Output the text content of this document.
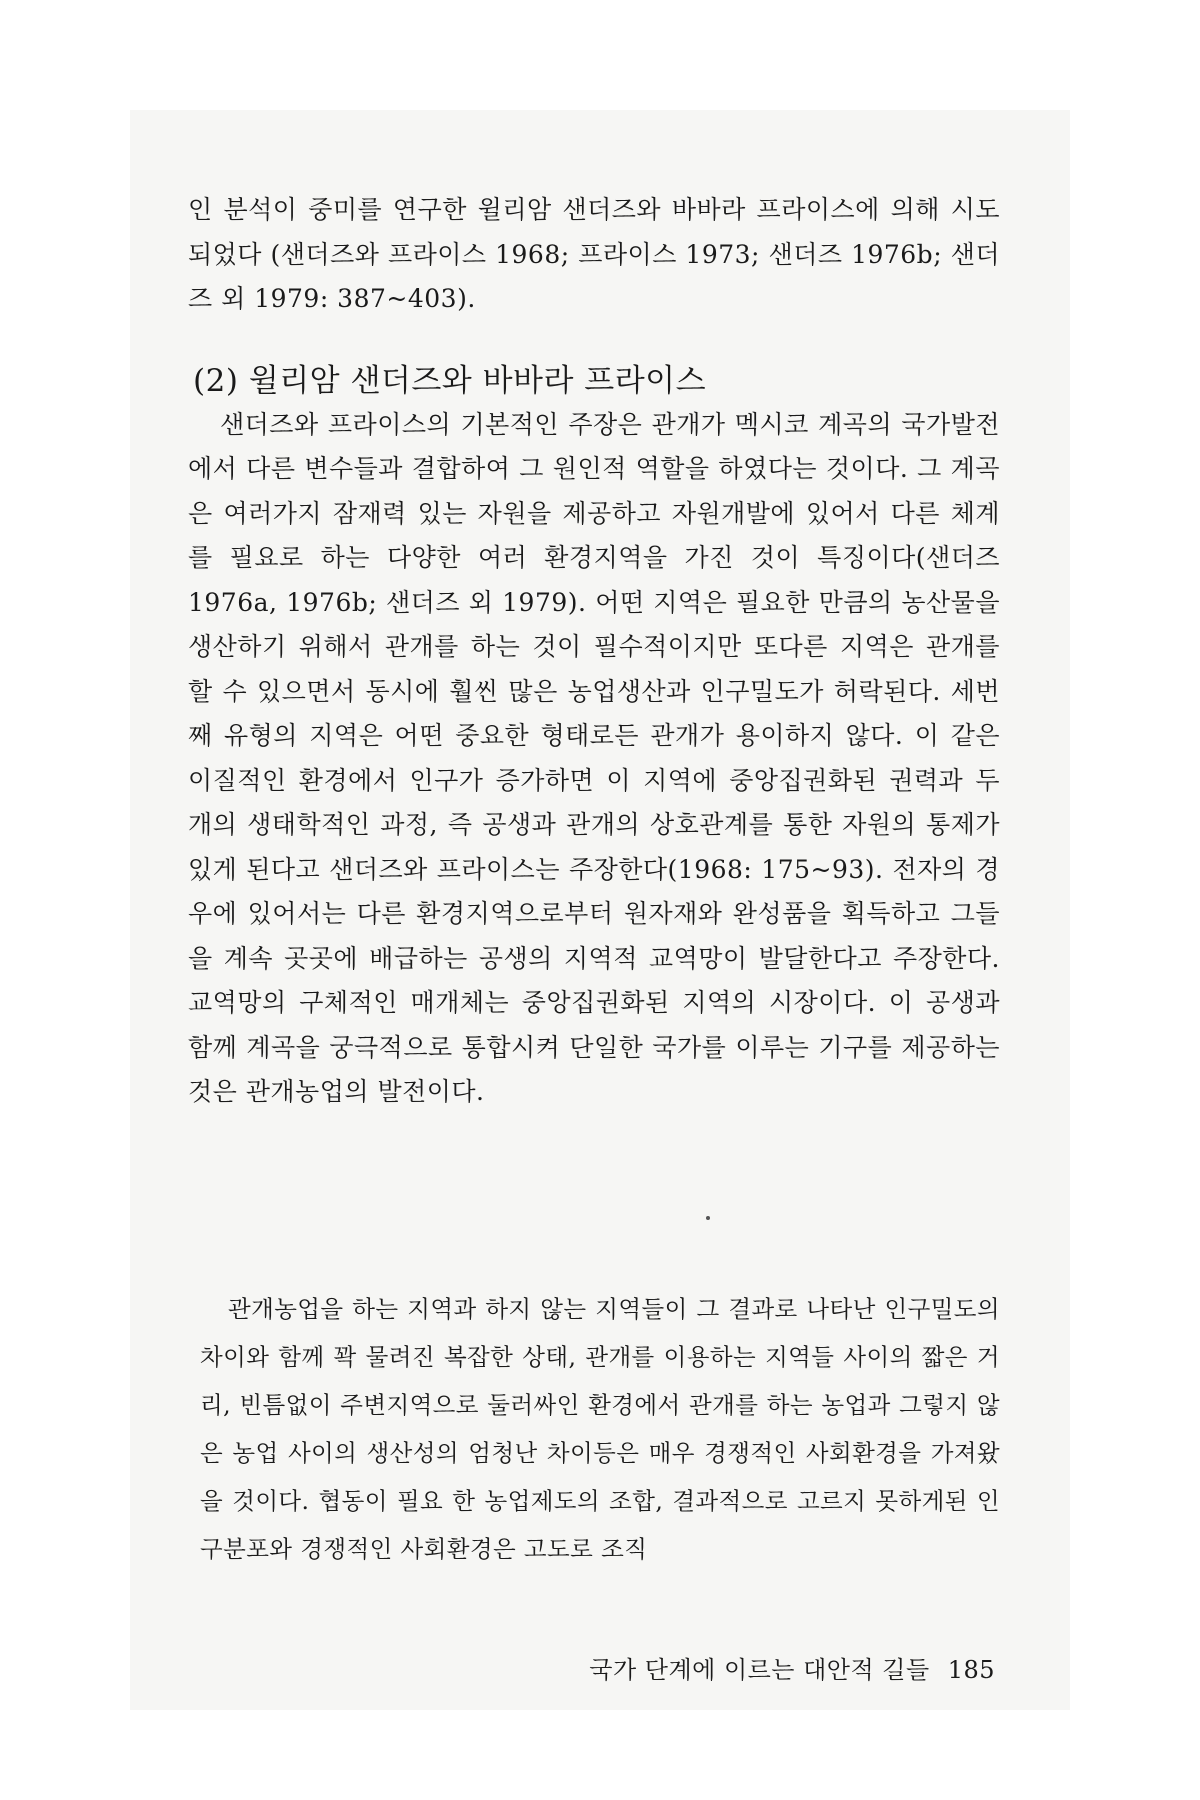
인 분석이 중미를 연구한 윌리암 샌더즈와 바바라 프라이스에 의해 시도되었다 (샌더즈와 프라이스 1968; 프라이스 1973; 샌더즈 1976b; 샌더즈 외 1979: 387~403).

(2) 윌리암 샌더즈와 바바라 프라이스

샌더즈와 프라이스의 기본적인 주장은 관개가 멕시코 계곡의 국가발전에서 다른 변수들과 결합하여 그 원인적 역할을 하였다는 것이다. 그 계곡은 여러가지 잠재력 있는 자원을 제공하고 자원개발에 있어서 다른 체계를 필요로 하는 다양한 여러 환경지역을 가진 것이 특징이다(샌더즈 1976a, 1976b; 샌더즈 외 1979). 어떤 지역은 필요한 만큼의 농산물을 생산하기 위해서 관개를 하는 것이 필수적이지만 또다른 지역은 관개를 할 수 있으면서 동시에 훨씬 많은 농업생산과 인구밀도가 허락된다. 세번째 유형의 지역은 어떤 중요한 형태로든 관개가 용이하지 않다. 이 같은 이질적인 환경에서 인구가 증가하면 이 지역에 중앙집권화된 권력과 두 개의 생태학적인 과정, 즉 공생과 관개의 상호관계를 통한 자원의 통제가 있게 된다고 샌더즈와 프라이스는 주장한다(1968: 175~93). 전자의 경우에 있어서는 다른 환경지역으로부터 원자재와 완성품을 획득하고 그들을 계속 곳곳에 배급하는 공생의 지역적 교역망이 발달한다고 주장한다. 교역망의 구체적인 매개체는 중앙집권화된 지역의 시장이다. 이 공생과 함께 계곡을 궁극적으로 통합시켜 단일한 국가를 이루는 기구를 제공하는 것은 관개농업의 발전이다.

관개농업을 하는 지역과 하지 않는 지역들이 그 결과로 나타난 인구밀도의 차이와 함께 꽉 물려진 복잡한 상태, 관개를 이용하는 지역들 사이의 짧은 거리, 빈틈없이 주변지역으로 둘러싸인 환경에서 관개를 하는 농업과 그렇지 않은 농업 사이의 생산성의 엄청난 차이등은 매우 경쟁적인 사회환경을 가져왔을 것이다. 협동이 필요 한 농업제도의 조합, 결과적으로 고르지 못하게된 인구분포와 경쟁적인 사회환경은 고도로 조직

국가 단계에 이르는 대안적 길들 185
